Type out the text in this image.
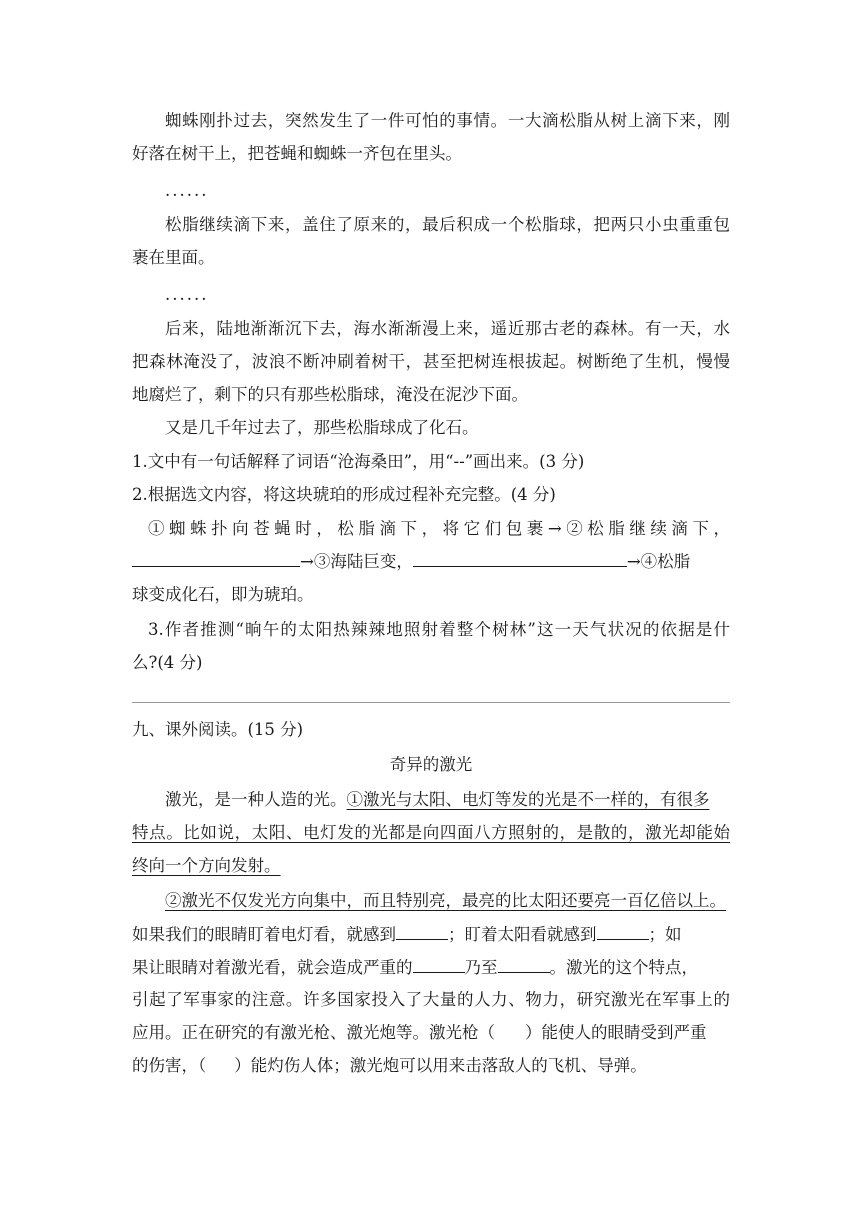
蜘蛛刚扑过去，突然发生了一件可怕的事情。一大滴松脂从树上滴下来，刚
好落在树干上，把苍蝇和蜘蛛一齐包在里头。
......
松脂继续滴下来，盖住了原来的，最后积成一个松脂球，把两只小虫重重包
裹在里面。
......
后来，陆地渐渐沉下去，海水渐渐漫上来，遥近那古老的森林。有一天，水
把森林淹没了，波浪不断冲刷着树干，甚至把树连根拔起。树断绝了生机，慢慢
地腐烂了，剩下的只有那些松脂球，淹没在泥沙下面。
又是几千年过去了，那些松脂球成了化石。
1.文中有一句话解释了词语“沧海桑田”，用“--”画出来。(3 分)
2.根据选文内容，将这块琥珀的形成过程补充完整。(4 分)
①蜘蛛扑向苍蝇时，松脂滴下，将它们包裹→②松脂继续滴下，
→③海陆巨变，	→④松脂
球变成化石，即为琥珀。
3.作者推测“晌午的太阳热辣辣地照射着整个树林”这一天气状况的依据是什
么?(4 分)
九、课外阅读。(15 分)
奇异的激光
激光，是一种人造的光。①激光与太阳、电灯等发的光是不一样的，有很多
特点。比如说，太阳、电灯发的光都是向四面八方照射的，是散的，激光却能始
终向一个方向发射。
②激光不仅发光方向集中，而且特别亮，最亮的比太阳还要亮一百亿倍以上。
如果我们的眼睛盯着电灯看，就感到	；盯着太阳看就感到	；如
果让眼睛对着激光看，就会造成严重的	乃至	。激光的这个特点，
引起了军事家的注意。许多国家投入了大量的人力、物力，研究激光在军事上的
应用。正在研究的有激光枪、激光炮等。激光枪（ ）能使人的眼睛受到严重
的伤害，（ ）能灼伤人体；激光炮可以用来击落敌人的飞机、导弹。
